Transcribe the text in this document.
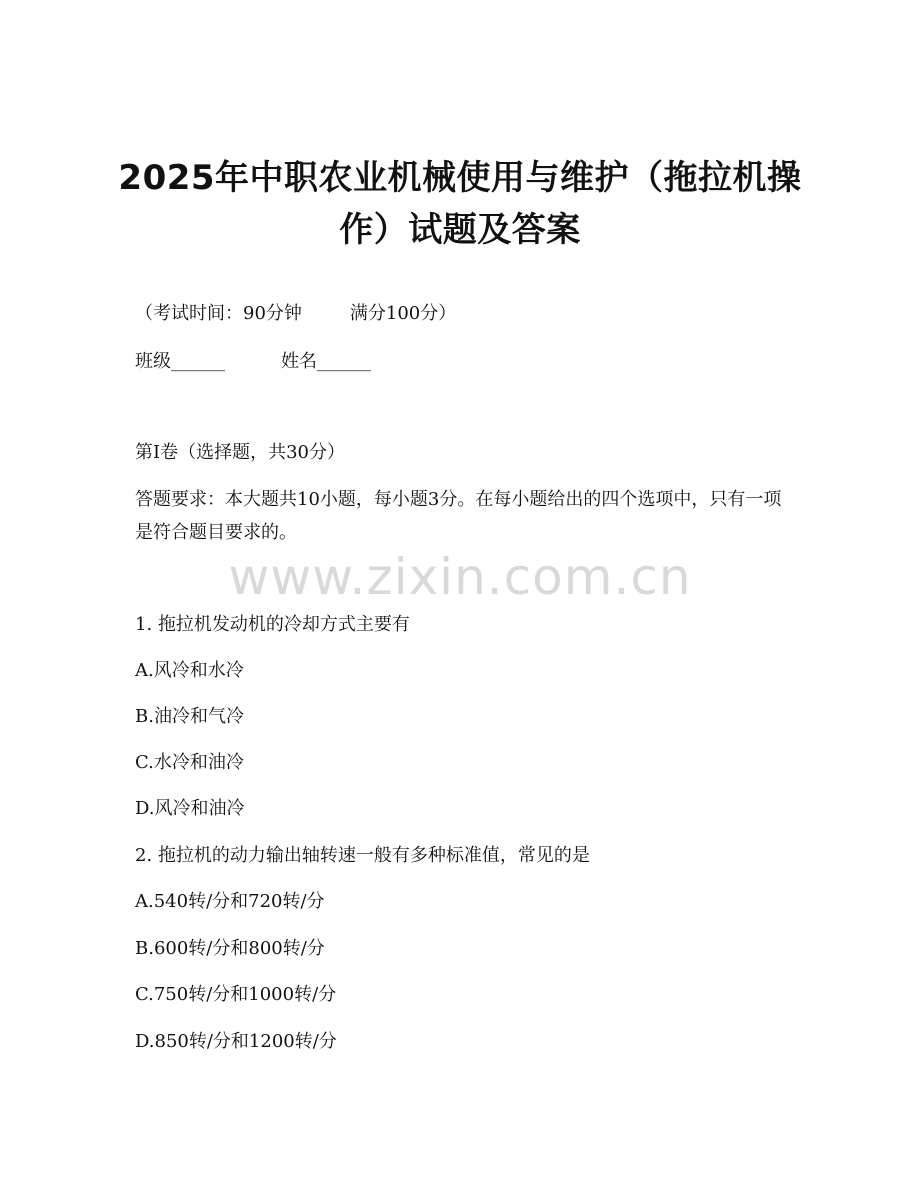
2025年中职农业机械使用与维护（拖拉机操作）试题及答案
（考试时间：90分钟	满分100分）
班级______	姓名______
第I卷（选择题，共30分）
答题要求：本大题共10小题，每小题3分。在每小题给出的四个选项中，只有一项是符合题目要求的。
www.zixin.com.cn
1. 拖拉机发动机的冷却方式主要有
A.风冷和水冷
B.油冷和气冷
C.水冷和油冷
D.风冷和油冷
2. 拖拉机的动力输出轴转速一般有多种标准值，常见的是
A.540转/分和720转/分
B.600转/分和800转/分
C.750转/分和1000转/分
D.850转/分和1200转/分
